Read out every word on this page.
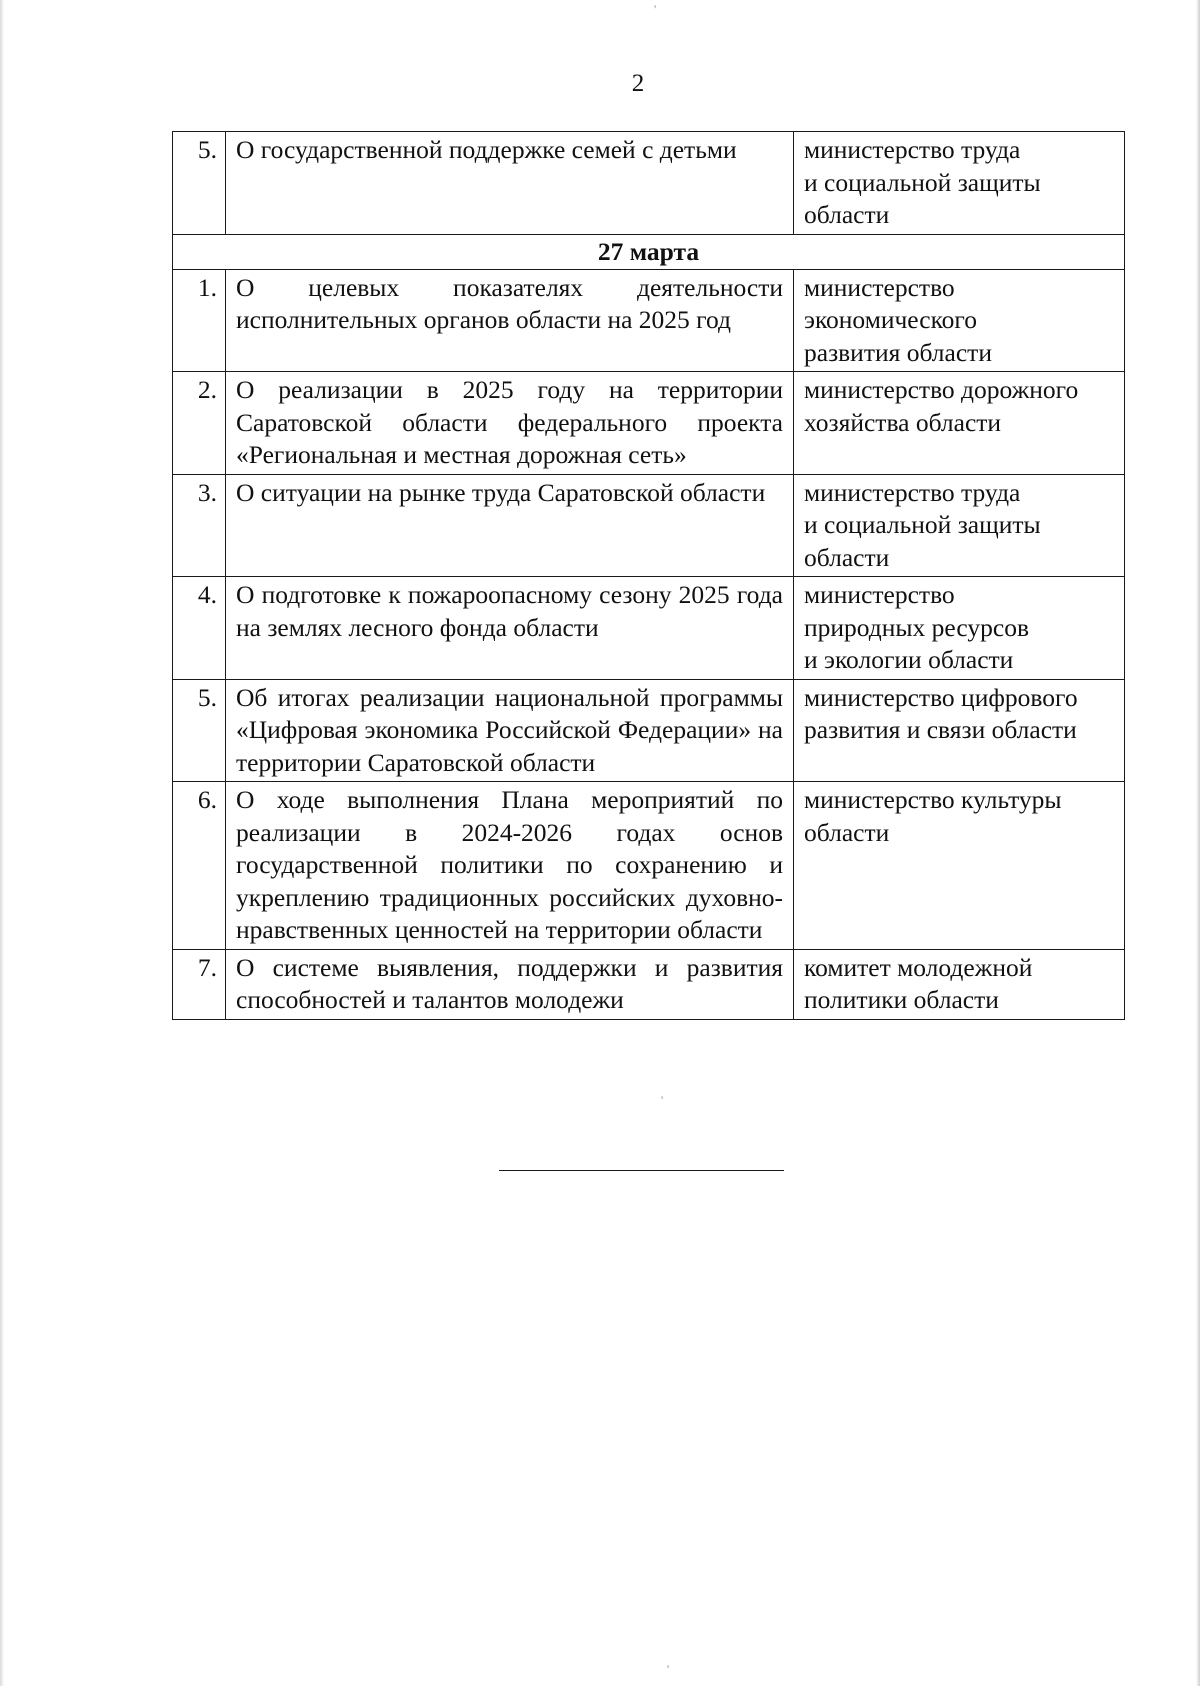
2
5.	О государственной поддержке семей с детьми	министерство труда
и социальной защиты
области
27 марта		
1.	О целевых показателях деятельности исполнительных органов области на 2025 год	министерство
экономического
развития области
2.	О реализации в 2025 году на территории Саратовской области федерального проекта «Региональная и местная дорожная сеть»	министерство дорожного
хозяйства области
3.	О ситуации на рынке труда Саратовской области	министерство труда
и социальной защиты
области
4.	О подготовке к пожароопасному сезону 2025 года на землях лесного фонда области	министерство
природных ресурсов
и экологии области
5.	Об итогах реализации национальной программы «Цифровая экономика Российской Федерации» на территории Саратовской области	министерство цифрового
развития и связи области
6.	О ходе выполнения Плана мероприятий по реализации в 2024-2026 годах основ государственной политики по сохранению и укреплению традиционных российских духовно-нравственных ценностей на территории области	министерство культуры
области
7.	О системе выявления, поддержки и развития способностей и талантов молодежи	комитет молодежной
политики области
'
'
'
